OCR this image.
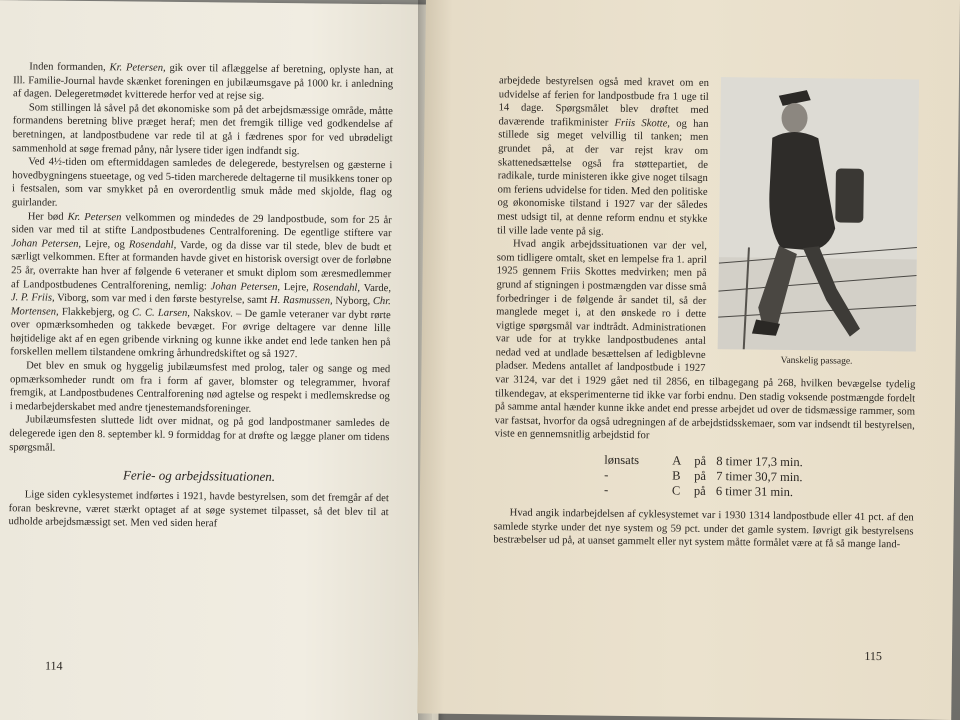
Inden formanden, Kr. Petersen, gik over til aflæggelse af beretning, oplyste han, at Ill. Familie-Journal havde skænket foreningen en jubilæumsgave på 1000 kr. i anledning af dagen. Delegeretmødet kvitterede herfor ved at rejse sig.

Som stillingen lå såvel på det økonomiske som på det arbejdsmæssige område, måtte formandens beretning blive præget heraf; men det fremgik tillige ved godkendelse af beretningen, at landpostbudene var rede til at gå i fædrenes spor for ved ubrødeligt sammenhold at søge fremad påny, når lysere tider igen indfandt sig.

Ved 4½-tiden om eftermiddagen samledes de delegerede, bestyrelsen og gæsterne i hovedbygningens stueetage, og ved 5-tiden marcherede deltagerne til musikkens toner op i festsalen, som var smykket på en overordentlig smuk måde med skjolde, flag og guirlander.

Her bød Kr. Petersen velkommen og mindedes de 29 landpostbude, som for 25 år siden var med til at stifte Landpostbudenes Centralforening. De egentlige stiftere var Johan Petersen, Lejre, og Rosendahl, Varde, og da disse var til stede, blev de budt et særligt velkommen. Efter at formanden havde givet en historisk oversigt over de forløbne 25 år, overrakte han hver af følgende 6 veteraner et smukt diplom som æresmedlemmer af Landpostbudenes Centralforening, nemlig: Johan Petersen, Lejre, Rosendahl, Varde, J. P. Friis, Viborg, som var med i den første bestyrelse, samt H. Rasmussen, Nyborg, Chr. Mortensen, Flakkebjerg, og C. C. Larsen, Nakskov. – De gamle veteraner var dybt rørte over opmærksomheden og takkede bevæget. For øvrige deltagere var denne lille højtidelige akt af en egen gribende virkning og kunne ikke andet end lede tanken hen på forskellen mellem tilstandene omkring århundredskiftet og så 1927.

Det blev en smuk og hyggelig jubilæumsfest med prolog, taler og sange og med opmærksomheder rundt om fra i form af gaver, blomster og telegrammer, hvoraf fremgik, at Landpostbudenes Centralforening nød agtelse og respekt i medlemskredse og i medarbejderskabet med andre tjenestemandsforeninger.

Jubilæumsfesten sluttede lidt over midnat, og på god landpostmaner samledes de delegerede igen den 8. september kl. 9 formiddag for at drøfte og lægge planer om tidens spørgsmål.

Ferie- og arbejdssituationen.

Lige siden cyklesystemet indførtes i 1921, havde bestyrelsen, som det fremgår af det foran beskrevne, været stærkt optaget af at søge systemet tilpasset, så det blev til at udholde arbejdsmæssigt set. Men ved siden heraf

114
Vanskelig passage.

arbejdede bestyrelsen også med kravet om en udvidelse af ferien for landpostbude fra 1 uge til 14 dage. Spørgsmålet blev drøftet med daværende trafikminister Friis Skotte, og han stillede sig meget velvillig til tanken; men grundet på, at der var rejst krav om skattenedsættelse også fra støttepartiet, de radikale, turde ministeren ikke give noget tilsagn om feriens udvidelse for tiden. Med den politiske og økonomiske tilstand i 1927 var der således mest udsigt til, at denne reform endnu et stykke til ville lade vente på sig.

Hvad angik arbejdssituationen var der vel, som tidligere omtalt, sket en lempelse fra 1. april 1925 gennem Friis Skottes medvirken; men på grund af stigningen i postmængden var disse små forbedringer i de følgende år sandet til, så der manglede meget i, at den ønskede ro i dette vigtige spørgsmål var indtrådt. Administrationen var ude for at trykke landpostbudenes antal nedad ved at undlade besættelsen af ledigblevne pladser. Medens antallet af landpostbude i 1927 var 3124, var det i 1929 gået ned til 2856, en tilbagegang på 268, hvilken bevægelse tydelig tilkendegav, at eksperimenterne tid ikke var forbi endnu. Den stadig voksende postmængde fordelt på samme antal hænder kunne ikke andet end presse arbejdet ud over de tidsmæssige rammer, som var fastsat, hvorfor da også udregningen af de arbejdstidsskemaer, som var indsendt til bestyrelsen, viste en gennemsnitlig arbejdstid for

lønsats	A	på 8 timer 17,3 min.
-	B	på 7 timer 30,7 min.
-	C	på 6 timer 31 min.

Hvad angik indarbejdelsen af cyklesystemet var i 1930 1314 landpostbude eller 41 pct. af den samlede styrke under det nye system og 59 pct. under det gamle system. Iøvrigt gik bestyrelsens bestræbelser ud på, at uanset gammelt eller nyt system måtte formålet være at få så mange land-

115
